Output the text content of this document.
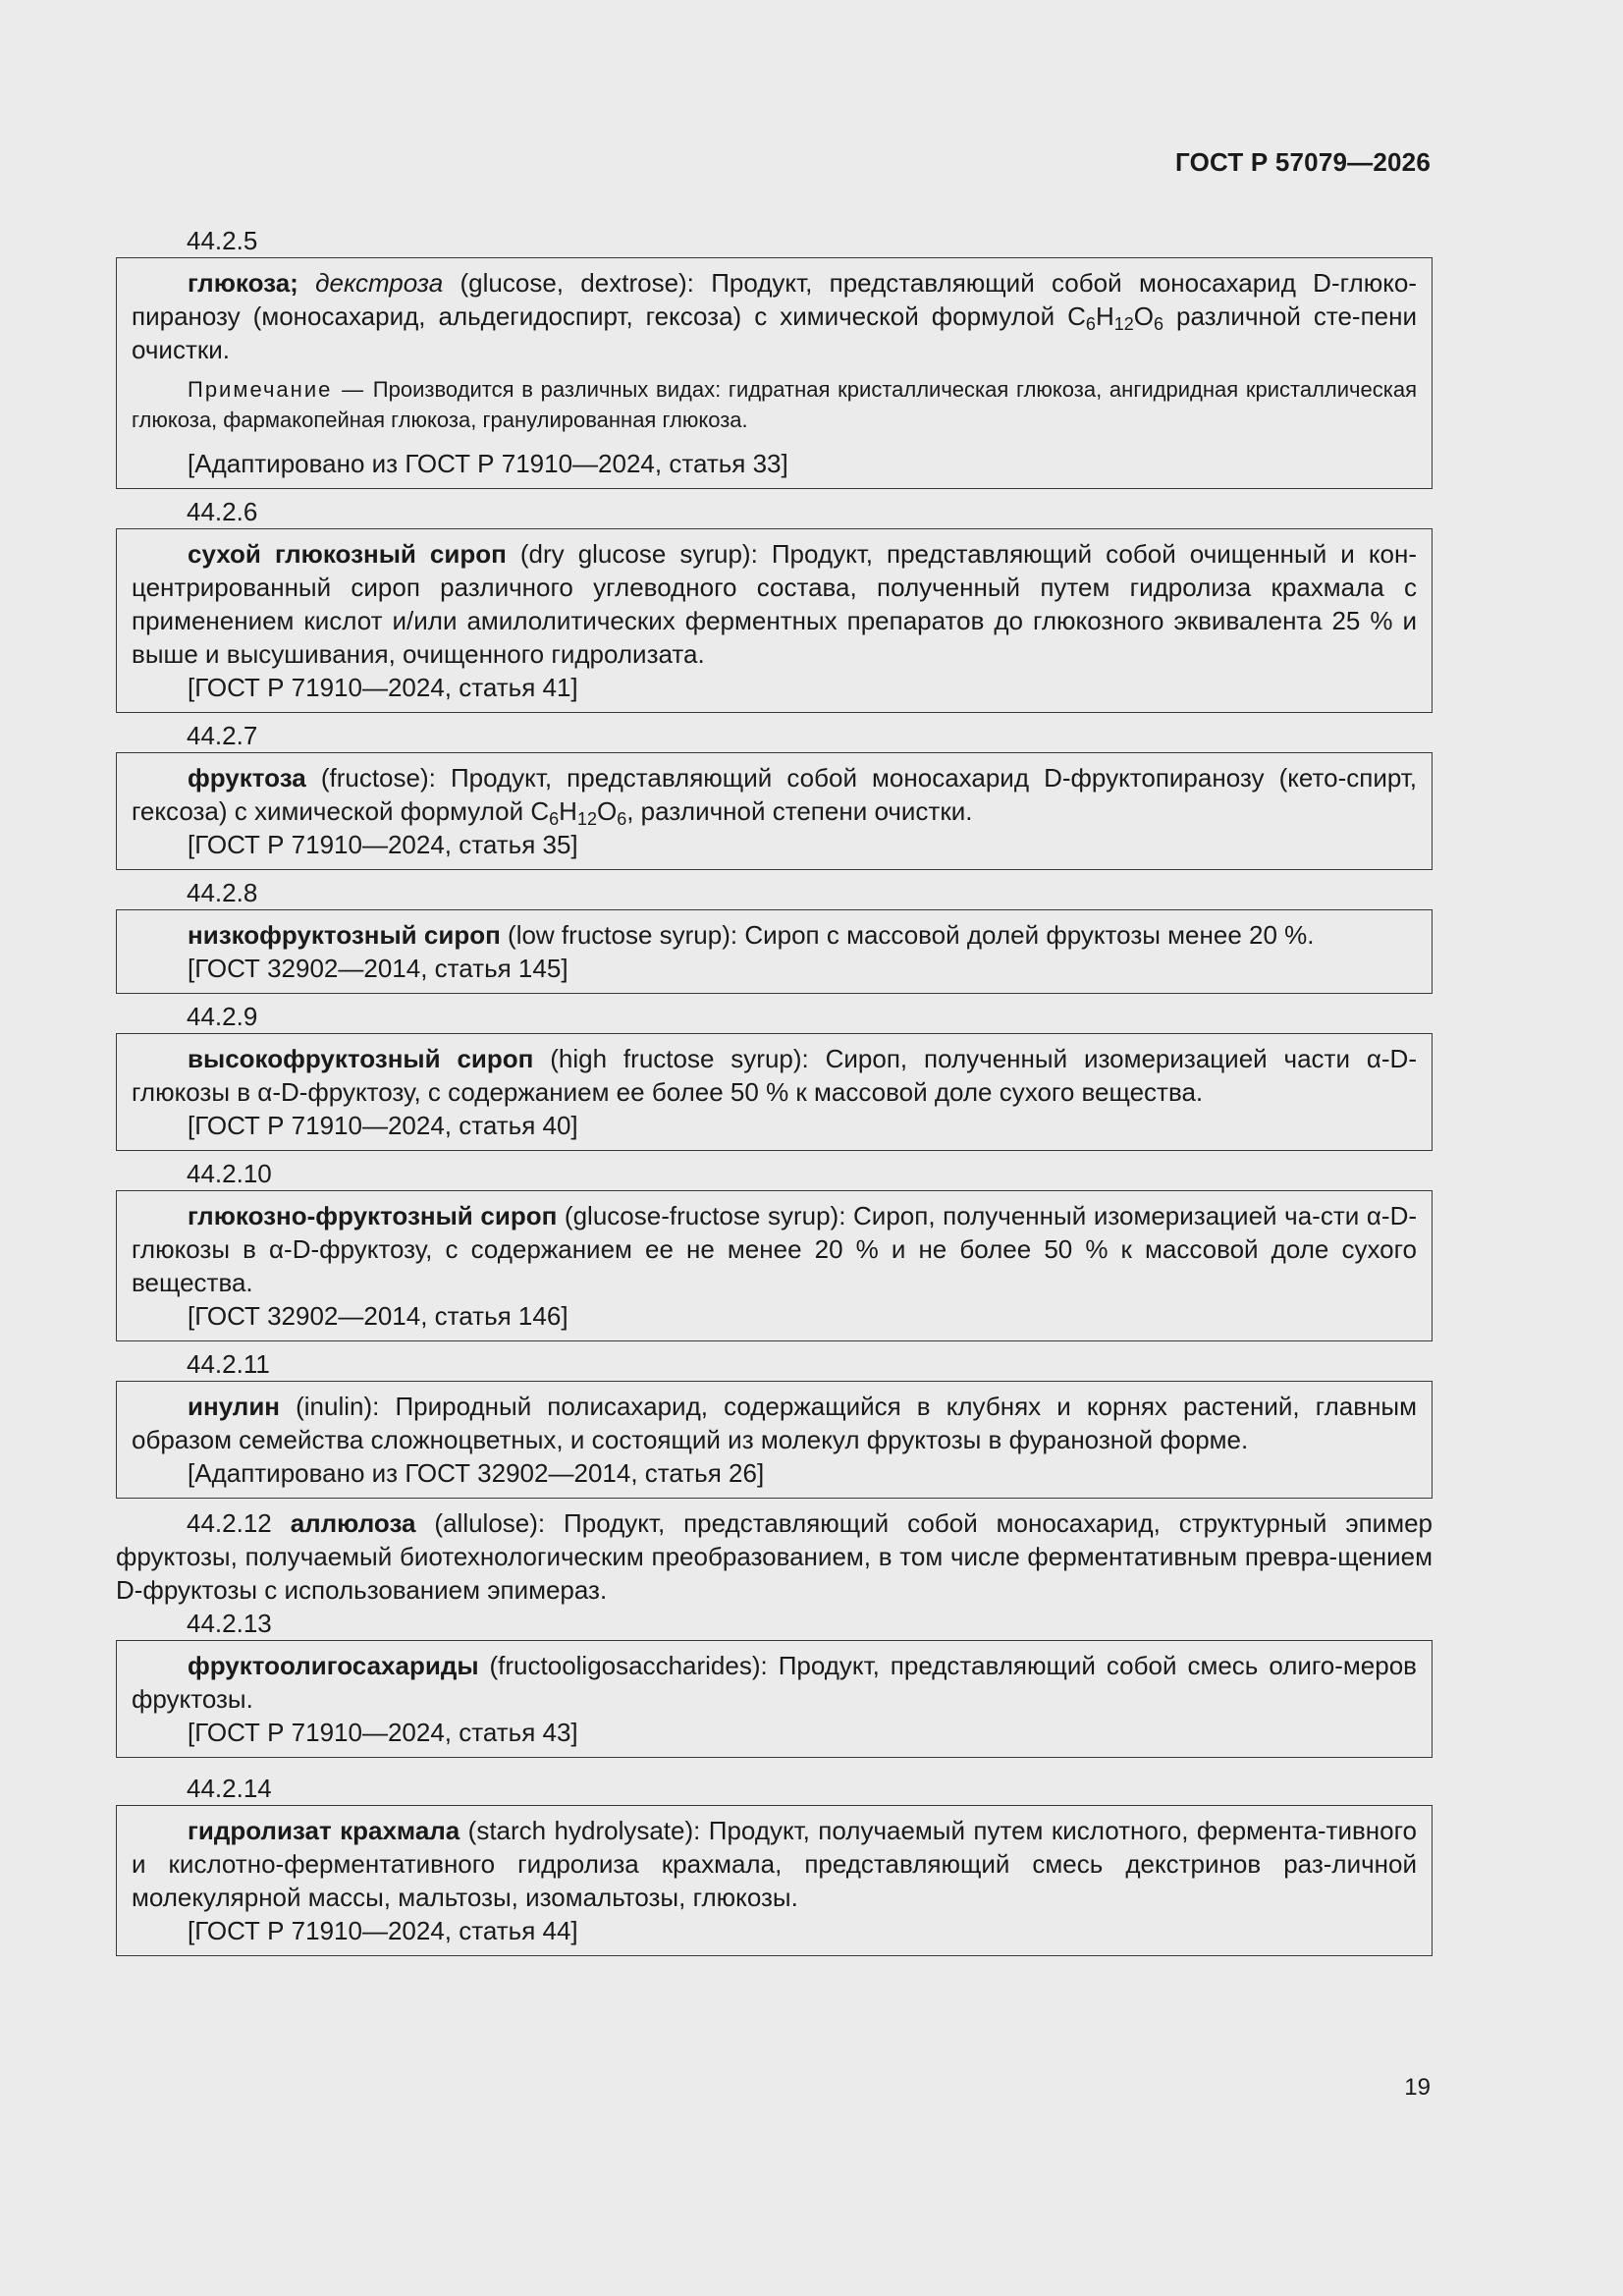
ГОСТ Р 57079—2026
44.2.5

глюкоза; декстроза (glucose, dextrose): Продукт, представляющий собой моносахарид D-глюко-пиранозу (моносахарид, альдегидоспирт, гексоза) с химической формулой $C_6H_{12}O_6$ различной сте-пени очистки.

Примечание — Производится в различных видах: гидратная кристаллическая глюкоза, ангидридная кристаллическая глюкоза, фармакопейная глюкоза, гранулированная глюкоза.

[Адаптировано из ГОСТ Р 71910—2024, статья 33]

44.2.6

сухой глюкозный сироп (dry glucose syrup): Продукт, представляющий собой очищенный и кон-центрированный сироп различного углеводного состава, полученный путем гидролиза крахмала с применением кислот и/или амилолитических ферментных препаратов до глюкозного эквивалента 25 % и выше и высушивания, очищенного гидролизата.

[ГОСТ Р 71910—2024, статья 41]

44.2.7

фруктоза (fructose): Продукт, представляющий собой моносахарид D-фруктопиранозу (кето-спирт, гексоза) с химической формулой $C_6H_{12}O_6$, различной степени очистки.

[ГОСТ Р 71910—2024, статья 35]

44.2.8

низкофруктозный сироп (low fructose syrup): Сироп с массовой долей фруктозы менее 20 %.

[ГОСТ 32902—2014, статья 145]

44.2.9

высокофруктозный сироп (high fructose syrup): Сироп, полученный изомеризацией части α-D-глюкозы в α-D-фруктозу, с содержанием ее более 50 % к массовой доле сухого вещества.

[ГОСТ Р 71910—2024, статья 40]

44.2.10

глюкозно-фруктозный сироп (glucose-fructose syrup): Сироп, полученный изомеризацией ча-сти α-D-глюкозы в α-D-фруктозу, с содержанием ее не менее 20 % и не более 50 % к массовой доле сухого вещества.

[ГОСТ 32902—2014, статья 146]

44.2.11

инулин (inulin): Природный полисахарид, содержащийся в клубнях и корнях растений, главным образом семейства сложноцветных, и состоящий из молекул фруктозы в фуранозной форме.

[Адаптировано из ГОСТ 32902—2014, статья 26]

44.2.12 аллюлоза (allulose): Продукт, представляющий собой моносахарид, структурный эпимер фруктозы, получаемый биотехнологическим преобразованием, в том числе ферментативным превра-щением D-фруктозы с использованием эпимераз.

44.2.13

фруктоолигосахариды (fructooligosaccharides): Продукт, представляющий собой смесь олиго-меров фруктозы.

[ГОСТ Р 71910—2024, статья 43]

44.2.14

гидролизат крахмала (starch hydrolysate): Продукт, получаемый путем кислотного, фермента-тивного и кислотно-ферментативного гидролиза крахмала, представляющий смесь декстринов раз-личной молекулярной массы, мальтозы, изомальтозы, глюкозы.

[ГОСТ Р 71910—2024, статья 44]

19
